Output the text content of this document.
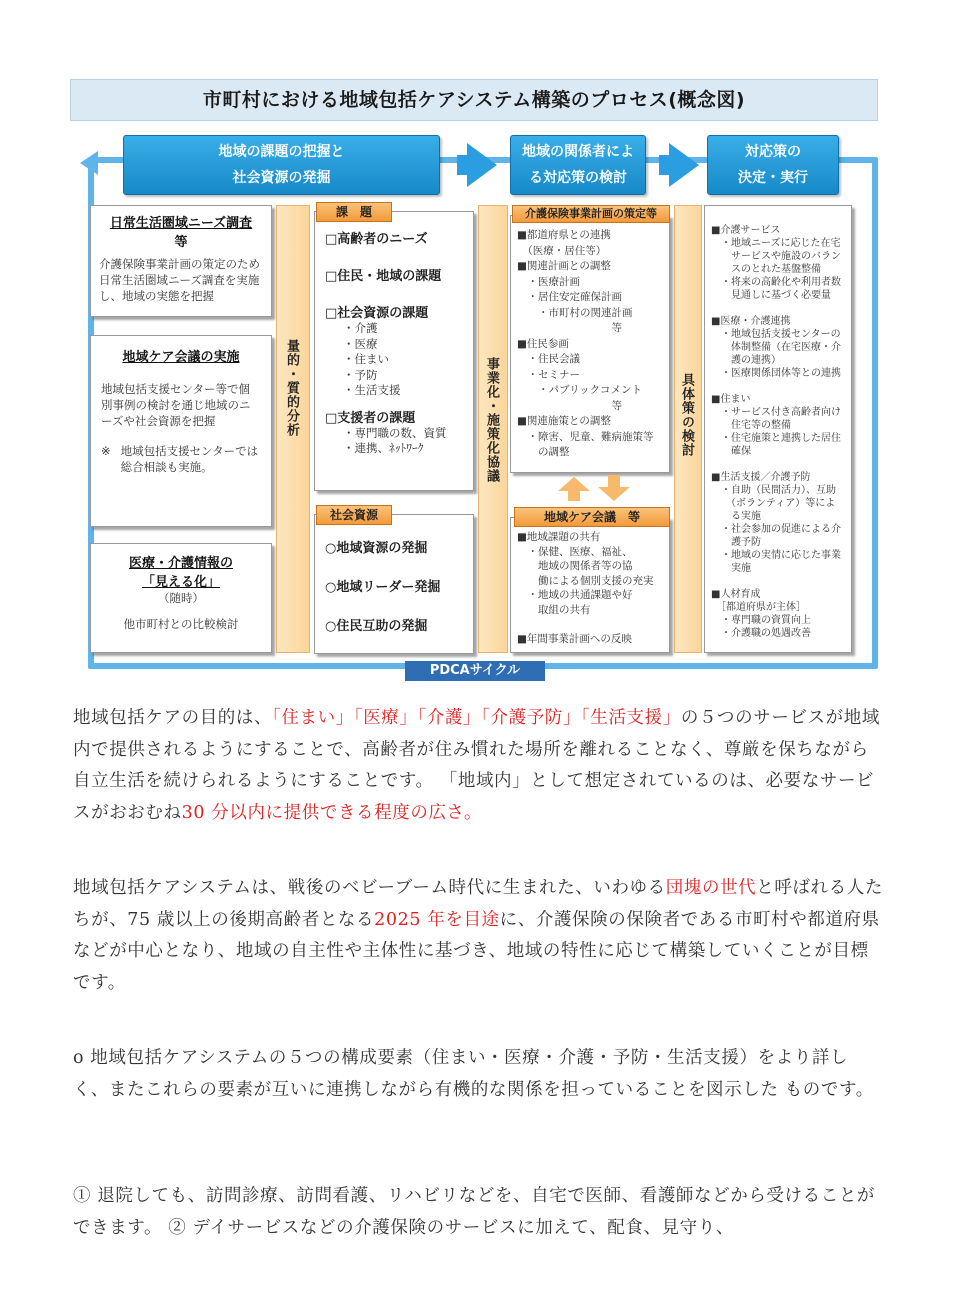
市町村における地域包括ケアシステム構築のプロセス(概念図)
PDCAサイクル
地域の課題の把握と
社会資源の発掘
地域の関係者によ
る対応策の検討
対応策の
決定・実行
日常生活圏域ニーズ調査
等
介護保険事業計画の策定のため日常生活圏域ニーズ調査を実施し、地域の実態を把握
地域ケア会議の実施
地域包括支援センター等で個別事例の検討を通じ地域のニーズや社会資源を把握
※ 地域包括支援センターでは総合相談も実施。
医療・介護情報の
「見える化」
（随時）
他市町村との比較検討
量的・質的分析
課　題
□高齢者のニーズ
□住民・地域の課題
□社会資源の課題
・介護
・医療
・住まい
・予防
・生活支援
□支援者の課題
・専門職の数、資質
・連携、ﾈｯﾄﾜｰｸ
社会資源
○地域資源の発掘
○地域リーダー発掘
○住民互助の発掘
事業化・施策化協議
介護保険事業計画の策定等
■都道府県との連携
　（医療・居住等）
■関連計画との調整
　・医療計画
　・居住安定確保計画
　　・市町村の関連計画
　　　　　　　　　等
■住民参画
　・住民会議
　・セミナー
　　・パブリックコメント
　　　　　　　　　等
■関連施策との調整
　・障害、児童、難病施策等
　　の調整
地域ケア会議　等
■地域課題の共有
　・保健、医療、福祉、
　　地域の関係者等の協
　　働による個別支援の充実
　・地域の共通課題や好
　　取組の共有

■年間事業計画への反映
具体策の検討
■介護サービス
　・地域ニーズに応じた在宅
　　サービスや施設のバラン
　　スのとれた基盤整備
　・将来の高齢化や利用者数
　　見通しに基づく必要量

■医療・介護連携
　・地域包括支援センターの
　　体制整備（在宅医療・介
　　護の連携）
　・医療関係団体等との連携

■住まい
　・サービス付き高齢者向け
　　住宅等の整備
　・住宅施策と連携した居住
　　確保

■生活支援／介護予防
　・自助（民間活力）、互助
　　（ボランティア）等によ
　　る実施
　・社会参加の促進による介
　　護予防
　・地域の実情に応じた事業
　　実施

■人材育成
　［都道府県が主体］
　・専門職の資質向上
　・介護職の処遇改善
地域包括ケアの目的は、「住まい」「医療」「介護」「介護予防」「生活支援」の５つのサービスが地域内で提供されるようにすることで、高齢者が住み慣れた場所を離れることなく、尊厳を保ちながら自立生活を続けられるようにすることです。 「地域内」として想定されているのは、必要なサービスがおおむね30 分以内に提供できる程度の広さ。
地域包括ケアシステムは、戦後のベビーブーム時代に生まれた、いわゆる団塊の世代と呼ばれる人たちが、75 歳以上の後期高齢者となる2025 年を目途に、介護保険の保険者である市町村や都道府県などが中心となり、地域の自主性や主体性に基づき、地域の特性に応じて構築していくことが目標です。
o 地域包括ケアシステムの５つの構成要素（住まい・医療・介護・予防・生活支援）をより詳しく、またこれらの要素が互いに連携しながら有機的な関係を担っていることを図示した ものです。
① 退院しても、訪問診療、訪問看護、リハビリなどを、自宅で医師、看護師などから受けることができます。 ② デイサービスなどの介護保険のサービスに加えて、配食、見守り、
